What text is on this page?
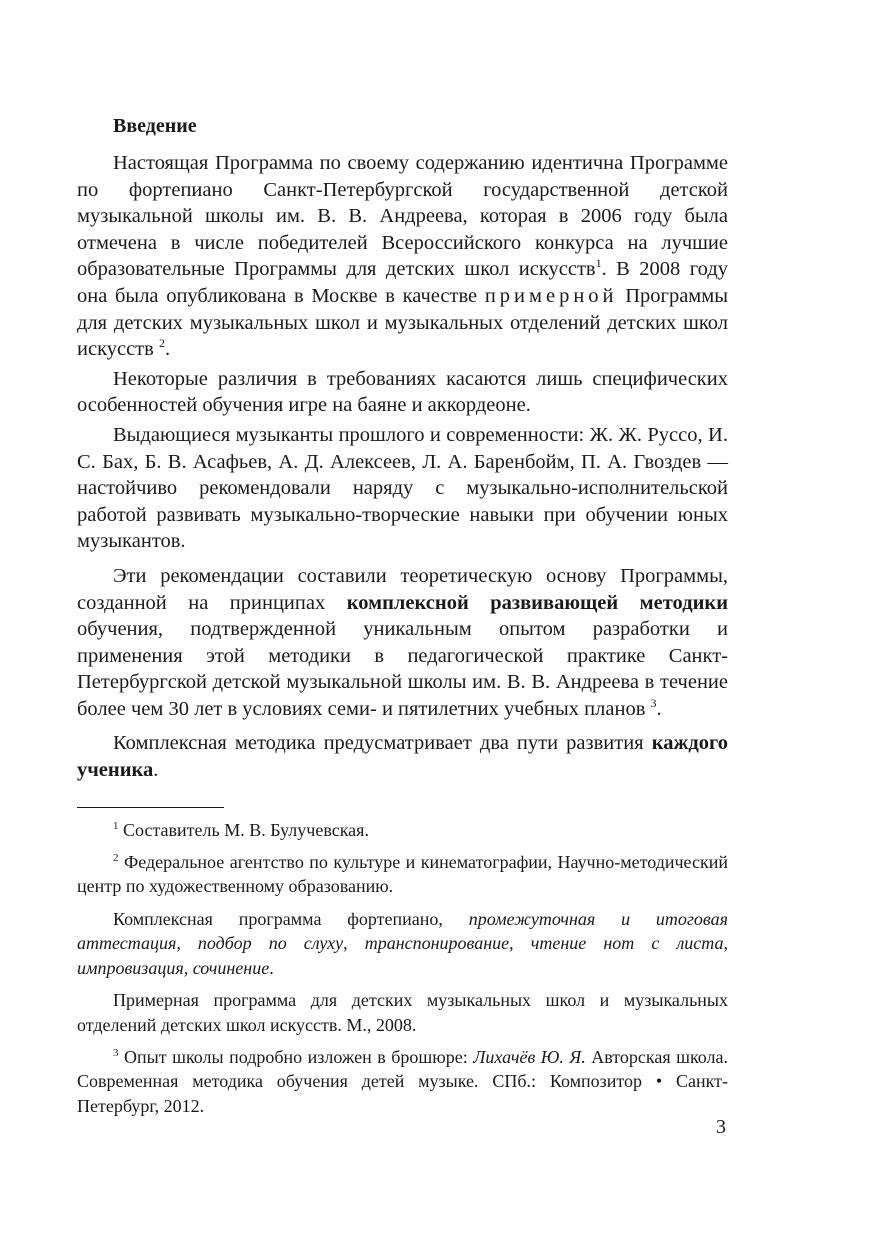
Введение

Настоящая Программа по своему содержанию идентична Программе по фортепиано Санкт-Петербургской государственной детской музыкальной школы им. В. В. Андреева, которая в 2006 году была отмечена в числе победителей Всероссийского конкурса на лучшие образовательные Программы для детских школ искусств$^1$. В 2008 году она была опубликована в Москве в качестве примерной Программы для детских музыкальных школ и музыкальных отделений детских школ искусств $^2$.

Некоторые различия в требованиях касаются лишь специфических особенностей обучения игре на баяне и аккордеоне.

Выдающиеся музыканты прошлого и современности: Ж. Ж. Руссо, И. С. Бах, Б. В. Асафьев, А. Д. Алексеев, Л. А. Баренбойм, П. А. Гвоздев — настойчиво рекомендовали наряду с музыкально-исполнительской работой развивать музыкально-творческие навыки при обучении юных музыкантов.

Эти рекомендации составили теоретическую основу Программы, созданной на принципах комплексной развивающей методики обучения, подтвержденной уникальным опытом разработки и применения этой методики в педагогической практике Санкт-Петербургской детской музыкальной школы им. В. В. Андреева в течение более чем 30 лет в условиях семи- и пятилетних учебных планов $^3$.

Комплексная методика предусматривает два пути развития каждого ученика.

$^1$ Составитель М. В. Булучевская.

$^2$ Федеральное агентство по культуре и кинематографии, Научно-методический центр по художественному образованию.

Комплексная программа фортепиано, промежуточная и итоговая аттестация, подбор по слуху, транспонирование, чтение нот с листа, импровизация, сочинение.

Примерная программа для детских музыкальных школ и музыкальных отделений детских школ искусств. М., 2008.

$^3$ Опыт школы подробно изложен в брошюре: Лихачёв Ю. Я. Авторская школа. Современная методика обучения детей музыке. СПб.: Композитор • Санкт-Петербург, 2012.

3
